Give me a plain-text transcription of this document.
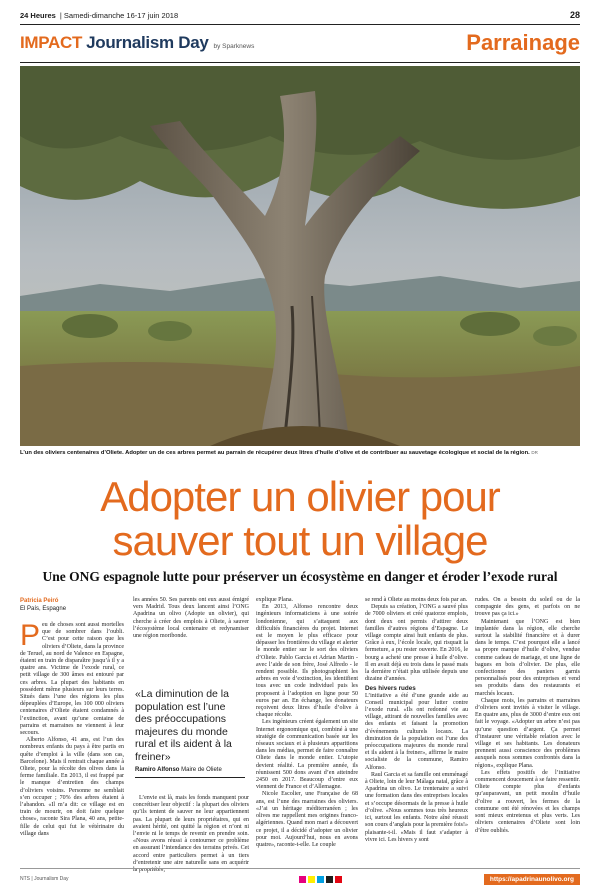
24 Heures | Samedi-dimanche 16-17 juin 2018	28
IMPACT Journalism Day by Sparknews	Parrainage
L’un des oliviers centenaires d’Oliete. Adopter un de ces arbres permet au parrain de récupérer deux litres d’huile d’olive et de contribuer au sauvetage écologique et social de la région. DR
Adopter un olivier pour
sauver tout un village
Une ONG espagnole lutte pour préserver un écosystème en danger et éroder l’exode rural
Patricia Peiró
El País, Espagne

Peu de choses sont aussi mortelles que de sombrer dans l’oubli. C’est pour cette raison que les oliviers d’Oliete, dans la province de Teruel, au nord de Valence en Espagne, étaient en train de disparaître jusqu’à il y a quatre ans. Victime de l’exode rural, ce petit village de 300 âmes est entouré par ces arbres. La plupart des habitants en possédent même plusieurs sur leurs terres. Situés dans l’une des régions les plus dépeuplées d’Europe, les 100 000 oliviers centenaires d’Oliete étaient condamnés à l’extinction, avant qu’une centaine de parrains et marraines ne viennent à leur secours.

Alberto Alfonso, 41 ans, est l’un des nombreux enfants du pays à être partis en quête d’emploi à la ville (dans son cas, Barcelone). Mais il rentrait chaque année à Oliete, pour la récolte des olives dans la ferme familiale. En 2013, il est frappé par le manque d’entretien des champs d’oliviers voisins. Personne ne semblait s’en occuper ; 70% des arbres étaient à l’abandon. «Il m’a dit: ce village est en train de mourir, on doit faire quelque chose», raconte Sira Plana, 40 ans, petite-fille de celui qui fut le vétérinaire du village dans

les années 50. Ses parents ont eux aussi émigré vers Madrid. Tous deux lancent ainsi l’ONG Apadrina un olivo (Adopte un olivier), qui cherche à créer des emplois à Oliete, à sauver l’écosystème local centenaire et redynamiser une région moribonde.

«La diminution de la population est l’une des préoccupations majeures du monde rural et ils aident à la freiner»
Ramiro Alfonso Maire de Oliete

L’envie est là, mais les fonds manquent pour concrétiser leur objectif : la plupart des oliviers qu’ils tentent de sauver ne leur appartiennent pas. La plupart de leurs propriétaires, qui en avaient hérité, ont quitté la région et n’ont ni l’envie ni le temps de revenir en prendre soin. «Nous avons réussi à contourner ce problème en assurant l’intendance des terrains privés. Cet accord entre particuliers permet à un tiers d’entretenir une aire naturelle sans en acquérir la propriété»,

explique Plana.

En 2013, Alfonso rencontre deux ingénieurs informaticiens à une soirée londonienne, qui s’attaquent aux difficultés financières du projet. Internet est le moyen le plus efficace pour dépasser les frontières du village et alerter le monde entier sur le sort des oliviers d’Oliete. Pablo Garcia et Adrian Martin - avec l’aide de son frère, José Alfredo - le rendent possible. Ils photographient les arbres en voie d’extinction, les identifient tous avec un code individuel puis les proposent à l’adoption en ligne pour 50 euros par an. En échange, les donateurs reçoivent deux litres d’huile d’olive à chaque récolte.

Les ingénieurs créent également un site Internet ergonomique qui, combiné à une stratégie de communication basée sur les réseaux sociaux et à plusieurs apparitions dans les médias, permet de faire connaître Oliete dans le monde entier. L’utopie devient réalité. La première année, ils réunissent 500 dons avant d’en atteindre 2450 en 2017. Beaucoup d’entre eux viennent de France et d’Allemagne.

Nicole Escolier, une Française de 68 ans, est l’une des marraines des oliviers. «J’ai un héritage méditerranéen ; les olives me rappellent mes origines franco-algériennes. Quand mon mari a découvert ce projet, il a décidé d’adopter un olivier pour moi. Aujourd’hui, nous en avons quatre», raconte-t-elle. Le couple

se rend à Oliete au moins deux fois par an.

Depuis sa création, l’ONG a sauvé plus de 7000 oliviers et créé quatorze emplois, dont deux ont permis d’attirer deux familles d’autres régions d’Espagne. Le village compte ainsi huit enfants de plus. Grâce à eux, l’école locale, qui risquait la fermeture, a pu rester ouverte. En 2016, le bourg a acheté une presse à huile d’olive. Il en avait déjà eu trois dans le passé mais la dernière n’était plus utilisée depuis une dizaine d’années.

Des hivers rudes

L’initiative a été d’une grande aide au Conseil municipal pour lutter contre l’exode rural. «Ils ont redonné vie au village, attirant de nouvelles familles avec des enfants et faisant la promotion d’événements culturels locaux. La diminution de la population est l’une des préoccupations majeures du monde rural et ils aident à la freiner», affirme le maire socialiste de la commune, Ramiro Alfonso.

Raul Garcia et sa famille ont emménagé à Oliete, loin de leur Málaga natal, grâce à Apadrina un olivo. Le trentenaire a suivi une formation dans des entreprises locales et s’occupe désormais de la presse à huile d’olive. «Nous sommes tous très heureux ici, surtout les enfants. Notre aîné réussit son cours d’anglais pour la première fois!» plaisante-t-il. «Mais il faut s’adapter à vivre ici. Les hivers y sont

rudes. On a besoin du soleil ou de la compagnie des gens, et parfois on ne trouve pas ça ici.»

Maintenant que l’ONG est bien implantée dans la région, elle cherche surtout la stabilité financière et à durer dans le temps. C’est pourquoi elle a lancé sa propre marque d’huile d’olive, vendue comme cadeau de mariage, et une ligne de bagues en bois d’olivier. De plus, elle confectionne des paniers garnis personnalisés pour des entreprises et vend ses produits dans des restaurants et marchés locaux.

Chaque mois, les parrains et marraines d’oliviers sont invités à visiter le village. En quatre ans, plus de 3000 d’entre eux ont fait le voyage. «Adopter un arbre n’est pas qu’une question d’argent. Ça permet d’instaurer une véritable relation avec le village et ses habitants. Les donateurs prennent aussi conscience des problèmes auxquels nous sommes confrontés dans la région», explique Plana.

Les effets positifs de l’initiative commencent doucement à se faire ressentir. Oliete compte plus d’enfants qu’auparavant, un petit moulin d’huile d’olive a rouvert, les fermes de la commune ont été rénovées et les champs sont mieux entretenus et plus verts. Les oliviers centenaires d’Oliete sont loin d’être oubliés.

NTS | Journalism Day	https://apadrinaunolivo.org
